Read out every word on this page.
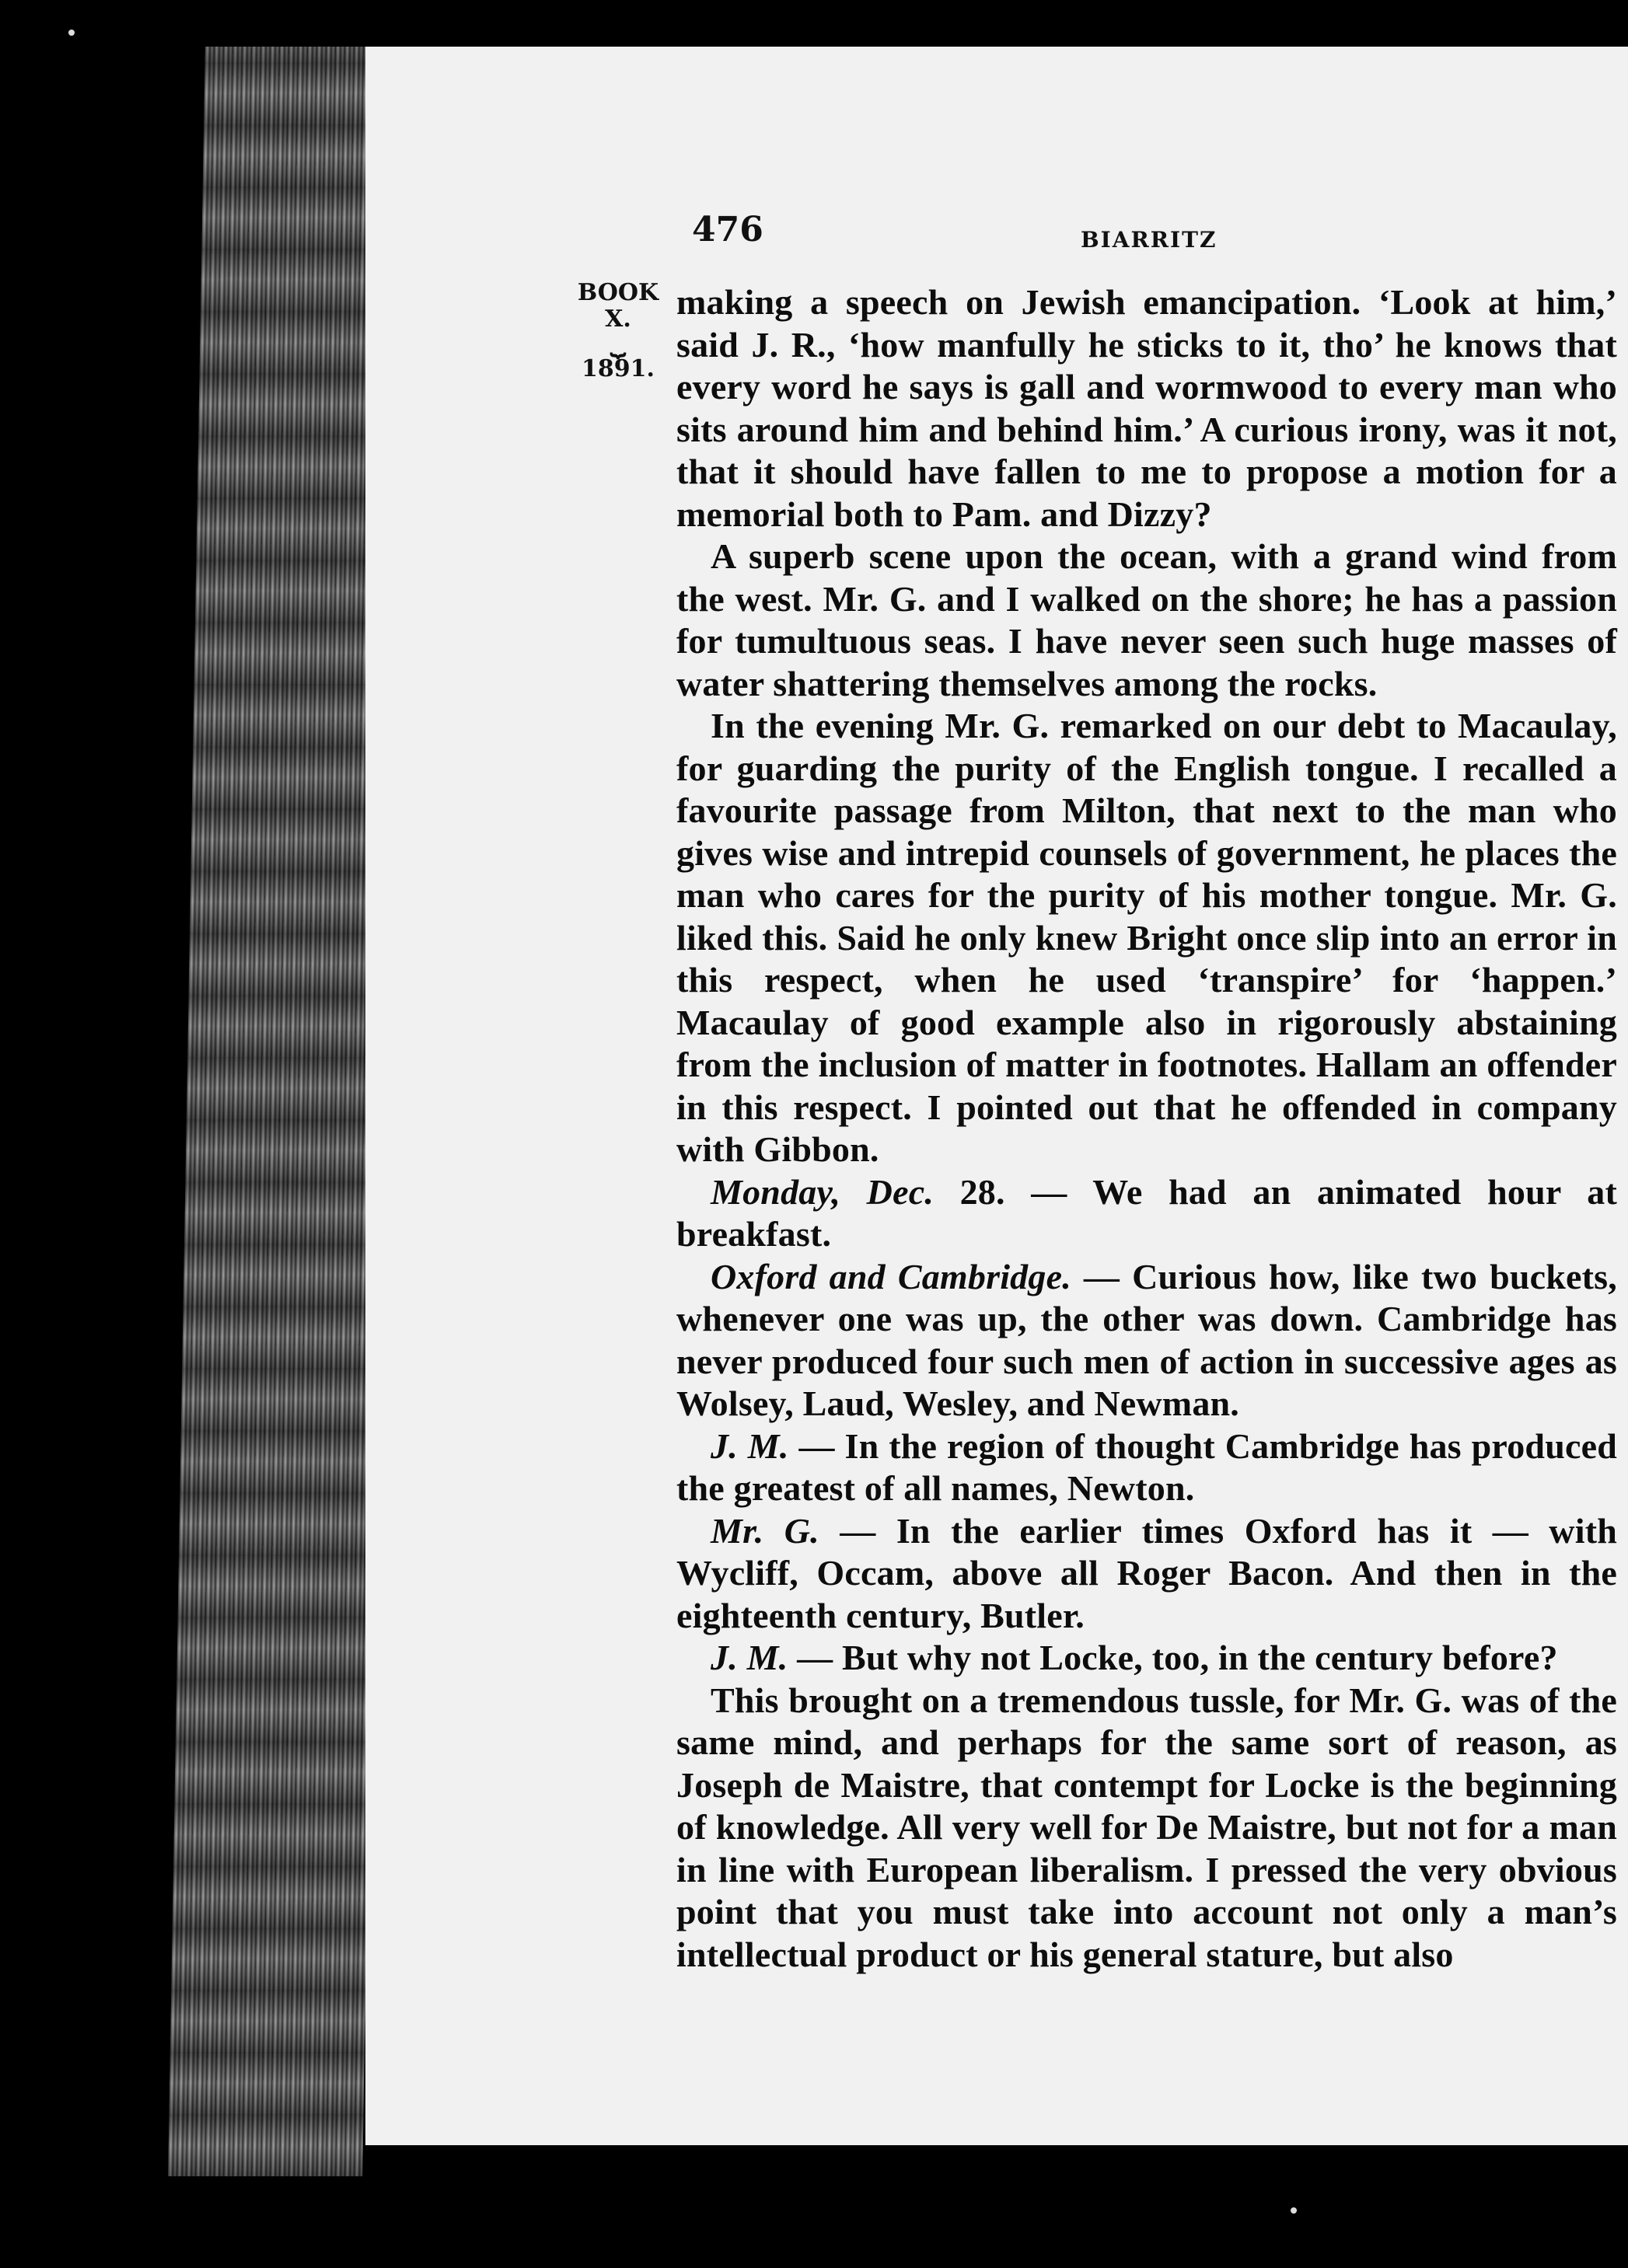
476	BIARRITZ
BOOK
X.
⏟
1891.

making a speech on Jewish emancipation. ‘Look at him,’ said J. R., ‘how manfully he sticks to it, tho’ he knows that every word he says is gall and wormwood to every man who sits around him and behind him.’ A curious irony, was it not, that it should have fallen to me to propose a motion for a memorial both to Pam. and Dizzy?

A superb scene upon the ocean, with a grand wind from the west. Mr. G. and I walked on the shore; he has a passion for tumultuous seas. I have never seen such huge masses of water shattering themselves among the rocks.

In the evening Mr. G. remarked on our debt to Macaulay, for guarding the purity of the English tongue. I recalled a favourite passage from Milton, that next to the man who gives wise and intrepid counsels of government, he places the man who cares for the purity of his mother tongue. Mr. G. liked this. Said he only knew Bright once slip into an error in this respect, when he used ‘transpire’ for ‘happen.’ Macaulay of good example also in rigorously abstaining from the inclusion of matter in footnotes. Hallam an offender in this respect. I pointed out that he offended in company with Gibbon.

Monday, Dec. 28. — We had an animated hour at breakfast.

Oxford and Cambridge. — Curious how, like two buckets, whenever one was up, the other was down. Cambridge has never produced four such men of action in successive ages as Wolsey, Laud, Wesley, and Newman.

J. M. — In the region of thought Cambridge has produced the greatest of all names, Newton.

Mr. G. — In the earlier times Oxford has it — with Wycliff, Occam, above all Roger Bacon. And then in the eighteenth century, Butler.

J. M. — But why not Locke, too, in the century before?

This brought on a tremendous tussle, for Mr. G. was of the same mind, and perhaps for the same sort of reason, as Joseph de Maistre, that contempt for Locke is the beginning of knowledge. All very well for De Maistre, but not for a man in line with European liberalism. I pressed the very obvious point that you must take into account not only a man’s intellectual product or his general stature, but also
